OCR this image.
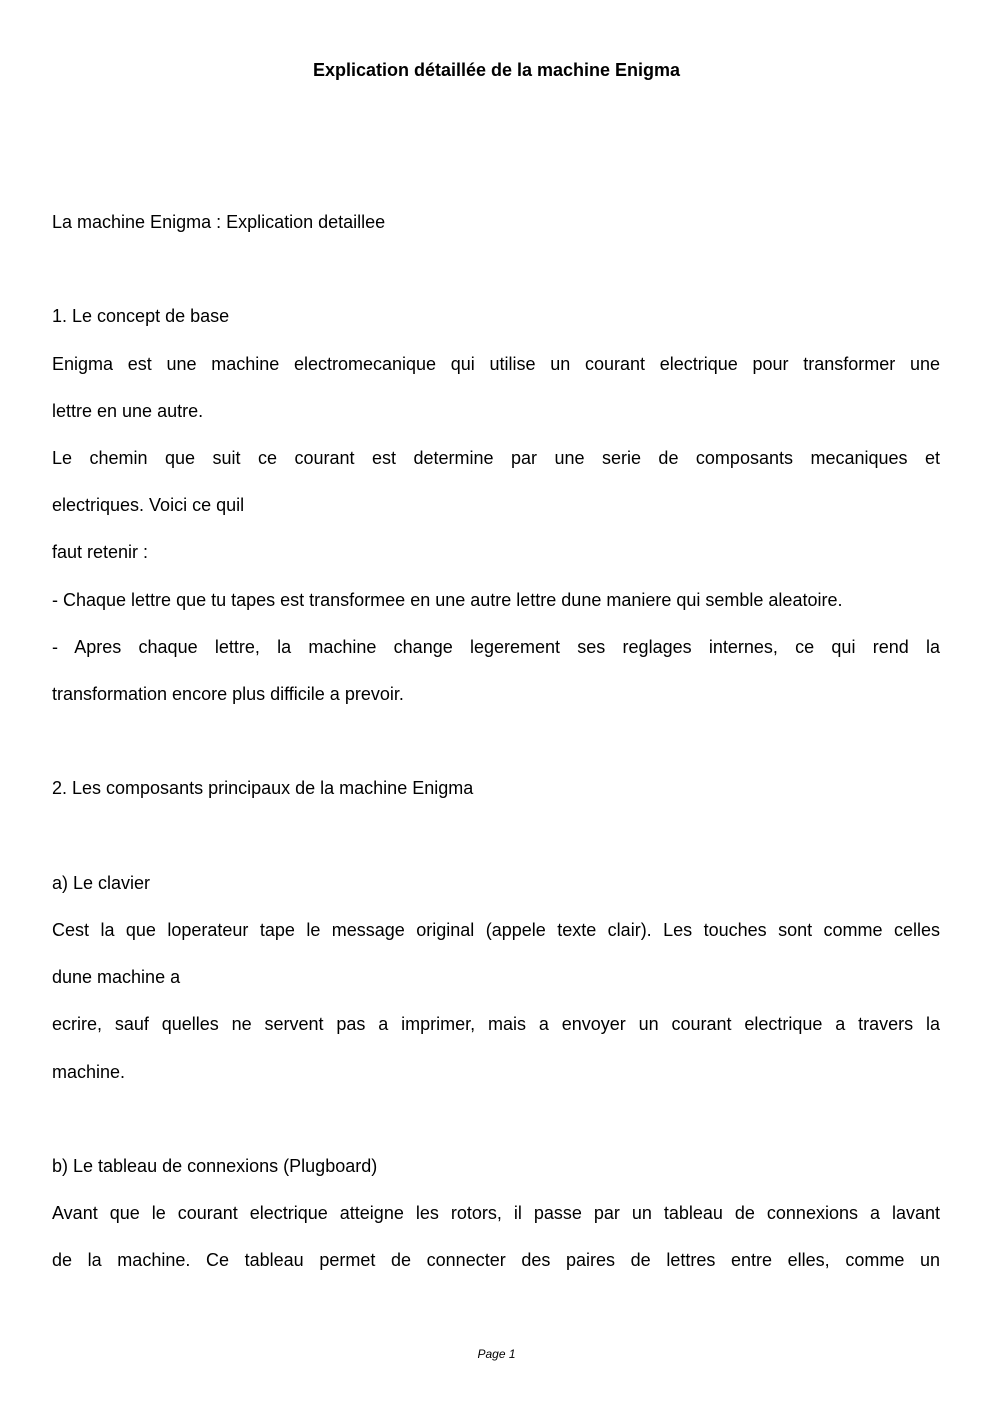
Explication détaillée de la machine Enigma
La machine Enigma : Explication detaillee
1. Le concept de base
Enigma est une machine electromecanique qui utilise un courant electrique pour transformer une
lettre en une autre.
Le chemin que suit ce courant est determine par une serie de composants mecaniques et
electriques. Voici ce quil
faut retenir :
- Chaque lettre que tu tapes est transformee en une autre lettre dune maniere qui semble aleatoire.
- Apres chaque lettre, la machine change legerement ses reglages internes, ce qui rend la
transformation encore plus difficile a prevoir.
2. Les composants principaux de la machine Enigma
a) Le clavier
Cest la que loperateur tape le message original (appele texte clair). Les touches sont comme celles
dune machine a
ecrire, sauf quelles ne servent pas a imprimer, mais a envoyer un courant electrique a travers la
machine.
b) Le tableau de connexions (Plugboard)
Avant que le courant electrique atteigne les rotors, il passe par un tableau de connexions a lavant
de la machine. Ce tableau permet de connecter des paires de lettres entre elles, comme un
Page 1
